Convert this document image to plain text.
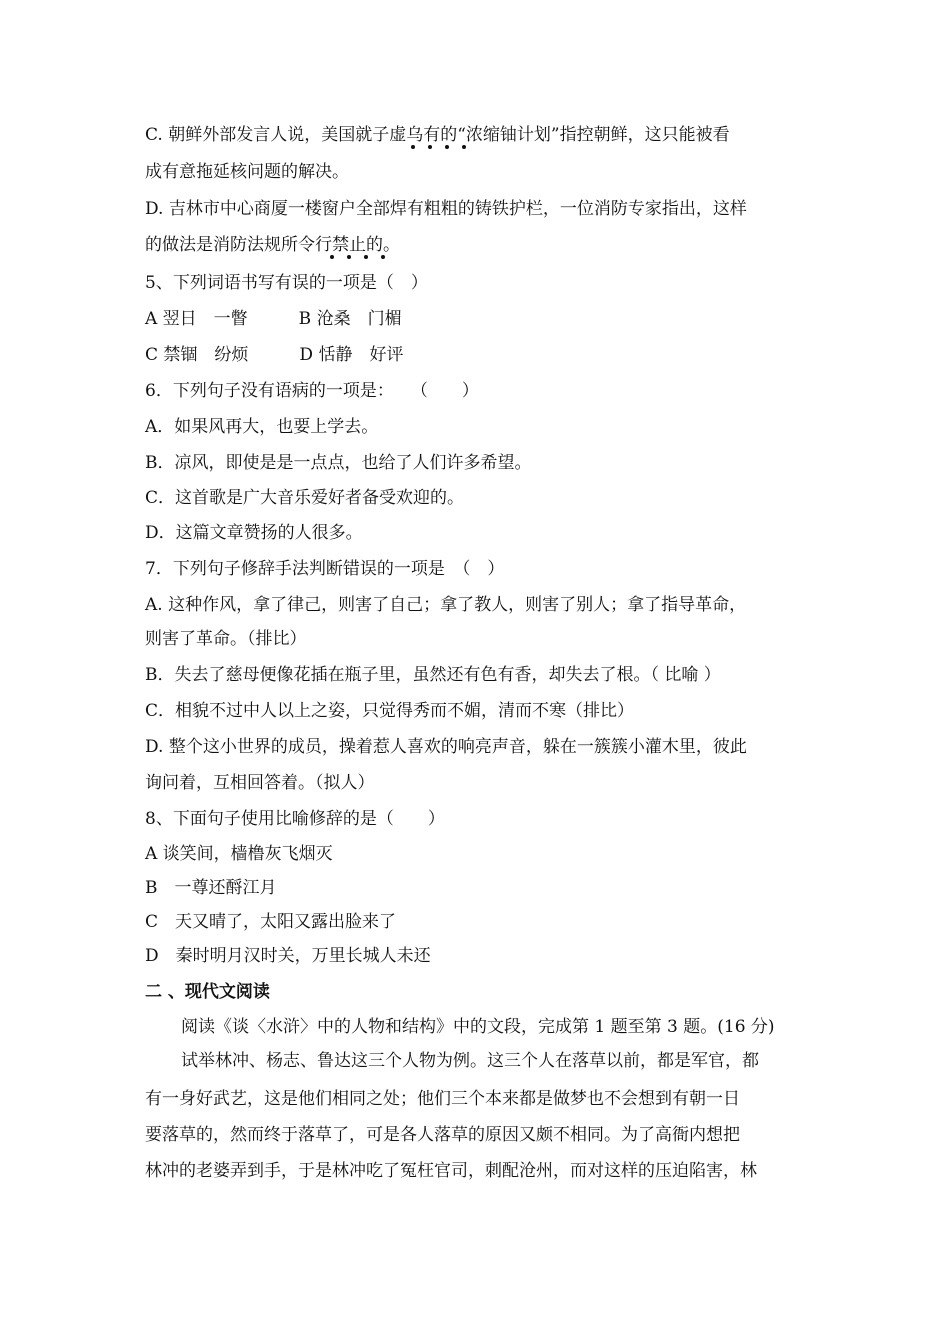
C. 朝鲜外部发言人说，美国就子虚乌有的“浓缩铀计划”指控朝鲜，这只能被看
成有意拖延核问题的解决。
D. 吉林市中心商厦一楼窗户全部焊有粗粗的铸铁护栏，一位消防专家指出，这样
的做法是消防法规所令行禁止的。
5、下列词语书写有误的一项是（　）
A 翌日　一瞥　　　B 沧桑　门楣
C 禁锢　纷烦　　　D 恬静　好评
6．下列句子没有语病的一项是：　　（　　）
A．如果风再大，也要上学去。
B．凉风，即使是是一点点，也给了人们许多希望。
C．这首歌是广大音乐爱好者备受欢迎的。
D．这篇文章赞扬的人很多。
7．下列句子修辞手法判断错误的一项是　（　）
A. 这种作风，拿了律己，则害了自己；拿了教人，则害了别人；拿了指导革命，
则害了革命。（排比）
B．失去了慈母便像花插在瓶子里，虽然还有色有香，却失去了根。（ 比喻 ）
C．相貌不过中人以上之姿，只觉得秀而不媚，清而不寒（排比）
D. 整个这小世界的成员，操着惹人喜欢的响亮声音，躲在一簇簇小灌木里，彼此
询问着，互相回答着。（拟人）
8、下面句子使用比喻修辞的是（　　）
A 谈笑间，樯橹灰飞烟灭
B　一尊还酹江月
C　天又晴了，太阳又露出脸来了
D　秦时明月汉时关，万里长城人未还
二 、现代文阅读
阅读《谈〈水浒〉中的人物和结构》中的文段，完成第 1 题至第 3 题。(16 分)
试举林冲、杨志、鲁达这三个人物为例。这三个人在落草以前，都是军官，都
有一身好武艺，这是他们相同之处；他们三个本来都是做梦也不会想到有朝一日
要落草的，然而终于落草了，可是各人落草的原因又颇不相同。为了高衙内想把
林冲的老婆弄到手，于是林冲吃了冤枉官司，刺配沧州，而对这样的压迫陷害，林
